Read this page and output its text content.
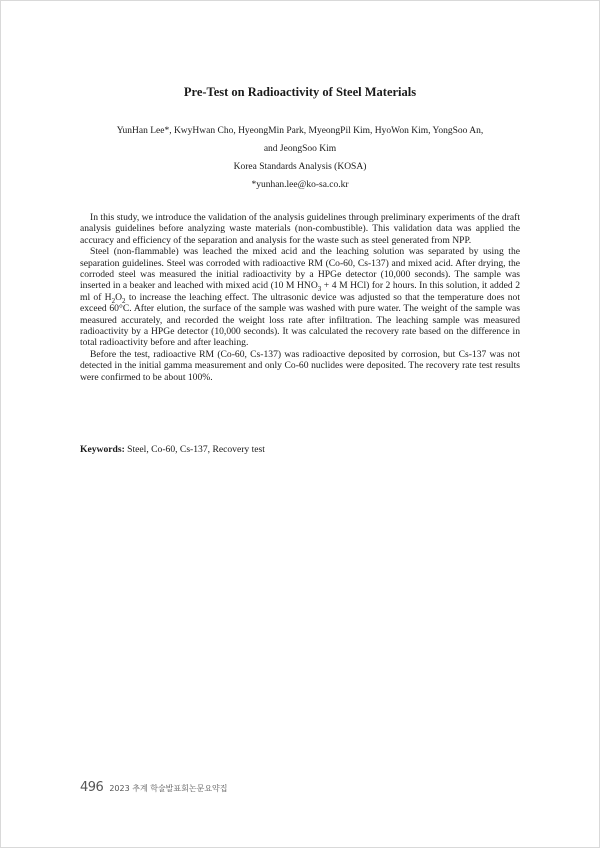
Pre-Test on Radioactivity of Steel Materials
YunHan Lee*, KwyHwan Cho, HyeongMin Park, MyeongPil Kim, HyoWon Kim, YongSoo An,
and JeongSoo Kim
Korea Standards Analysis (KOSA)
*yunhan.lee@ko-sa.co.kr

In this study, we introduce the validation of the analysis guidelines through preliminary experiments of the draft analysis guidelines before analyzing waste materials (non-combustible). This validation data was applied the accuracy and efficiency of the separation and analysis for the waste such as steel generated from NPP.

Steel (non-flammable) was leached the mixed acid and the leaching solution was separated by using the separation guidelines. Steel was corroded with radioactive RM (Co-60, Cs-137) and mixed acid. After drying, the corroded steel was measured the initial radioactivity by a HPGe detector (10,000 seconds). The sample was inserted in a beaker and leached with mixed acid (10 M $HNO_3 + 4$ M HCl) for 2 hours. In this solution, it added 2 ml of $H_2O_2$ to increase the leaching effect. The ultrasonic device was adjusted so that the temperature does not exceed 60°C. After elution, the surface of the sample was washed with pure water. The weight of the sample was measured accurately, and recorded the weight loss rate after infiltration. The leaching sample was measured radioactivity by a HPGe detector (10,000 seconds). It was calculated the recovery rate based on the difference in total radioactivity before and after leaching.

Before the test, radioactive RM (Co-60, Cs-137) was radioactive deposited by corrosion, but Cs-137 was not detected in the initial gamma measurement and only Co-60 nuclides were deposited. The recovery rate test results were confirmed to be about 100%.

Keywords: Steel, Co-60, Cs-137, Recovery test
496 2023 추계 학술발표회논문요약집
